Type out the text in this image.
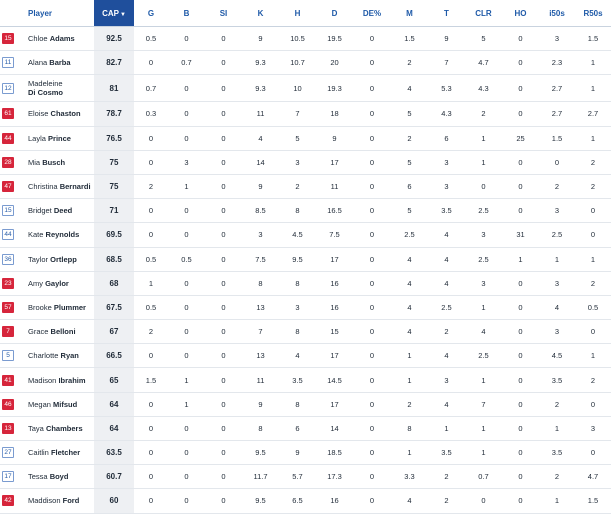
	Player	CAP▼	G	B	SI	K	H	D	DE%	M	T	CLR	HO	i50s	R50s
15	Chloe Adams	92.5	0.5	0	0	9	10.5	19.5	0	1.5	9	5	0	3	1.5
11	Alana Barba	82.7	0	0.7	0	9.3	10.7	20	0	2	7	4.7	0	2.3	1
12	Madeleine
Di Cosmo	81	0.7	0	0	9.3	10	19.3	0	4	5.3	4.3	0	2.7	1
61	Eloise Chaston	78.7	0.3	0	0	11	7	18	0	5	4.3	2	0	2.7	2.7
44	Layla Prince	76.5	0	0	0	4	5	9	0	2	6	1	25	1.5	1
28	Mia Busch	75	0	3	0	14	3	17	0	5	3	1	0	0	2
47	Christina Bernardi	75	2	1	0	9	2	11	0	6	3	0	0	2	2
15	Bridget Deed	71	0	0	0	8.5	8	16.5	0	5	3.5	2.5	0	3	0
44	Kate Reynolds	69.5	0	0	0	3	4.5	7.5	0	2.5	4	3	31	2.5	0
36	Taylor Ortlepp	68.5	0.5	0.5	0	7.5	9.5	17	0	4	4	2.5	1	1	1
23	Amy Gaylor	68	1	0	0	8	8	16	0	4	4	3	0	3	2
57	Brooke Plummer	67.5	0.5	0	0	13	3	16	0	4	2.5	1	0	4	0.5
7	Grace Belloni	67	2	0	0	7	8	15	0	4	2	4	0	3	0
5	Charlotte Ryan	66.5	0	0	0	13	4	17	0	1	4	2.5	0	4.5	1
41	Madison Ibrahim	65	1.5	1	0	11	3.5	14.5	0	1	3	1	0	3.5	2
46	Megan Mifsud	64	0	1	0	9	8	17	0	2	4	7	0	2	0
13	Taya Chambers	64	0	0	0	8	6	14	0	8	1	1	0	1	3
27	Caitlin Fletcher	63.5	0	0	0	9.5	9	18.5	0	1	3.5	1	0	3.5	0
17	Tessa Boyd	60.7	0	0	0	11.7	5.7	17.3	0	3.3	2	0.7	0	2	4.7
42	Maddison Ford	60	0	0	0	9.5	6.5	16	0	4	2	0	0	1	1.5
